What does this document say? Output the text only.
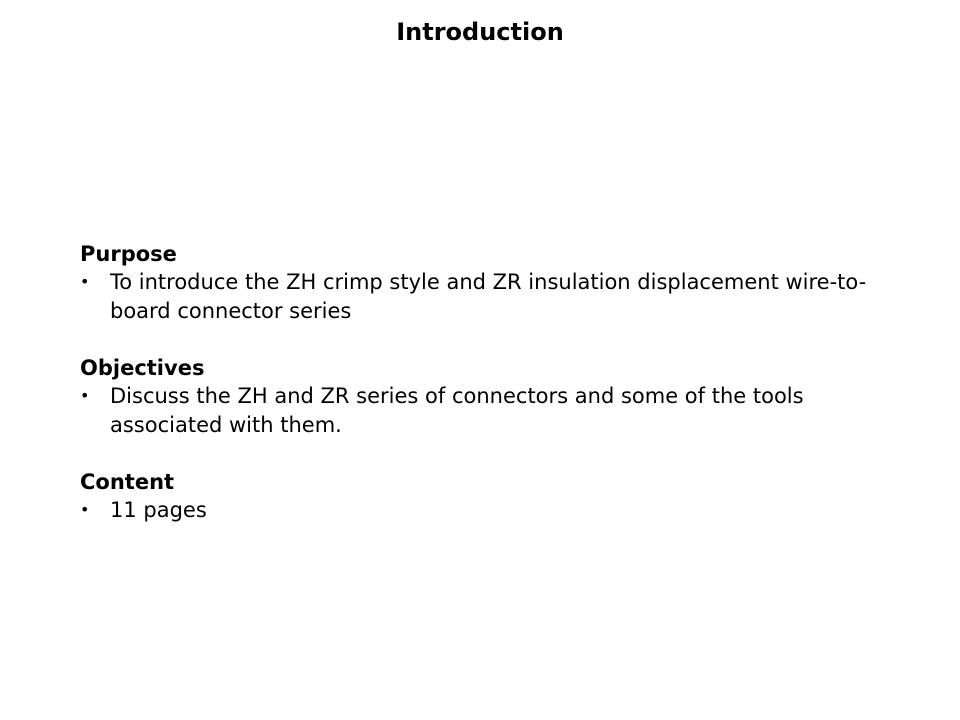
Introduction
Purpose
• To introduce the ZH crimp style and ZR insulation displacement wire-to-board connector series
Objectives
• Discuss the ZH and ZR series of connectors and some of the tools associated with them.
Content
• 11 pages
